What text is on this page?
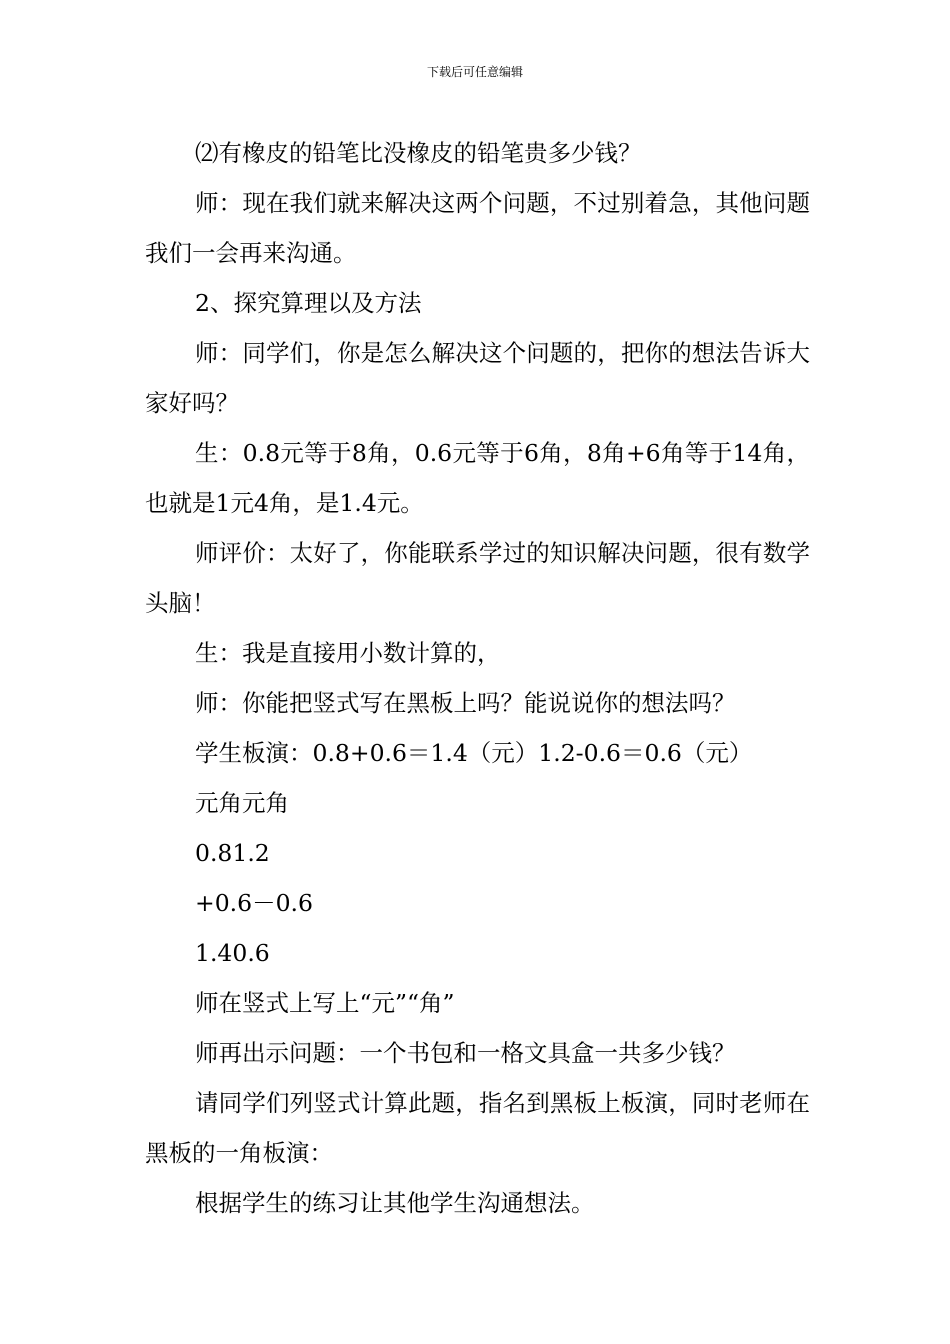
下载后可任意编辑

⑵有橡皮的铅笔比没橡皮的铅笔贵多少钱？

师：现在我们就来解决这两个问题，不过别着急，其他问题我们一会再来沟通。

2、探究算理以及方法

师：同学们，你是怎么解决这个问题的，把你的想法告诉大家好吗？

生：0.8元等于8角，0.6元等于6角，8角+6角等于14角，也就是1元4角，是1.4元。

师评价：太好了，你能联系学过的知识解决问题，很有数学头脑！

生：我是直接用小数计算的，

师：你能把竖式写在黑板上吗？能说说你的想法吗？

学生板演：0.8+0.6＝1.4（元）1.2-0.6＝0.6（元）

元角元角

0.81.2

+0.6－0.6

1.40.6

师在竖式上写上“元”“角”

师再出示问题：一个书包和一格文具盒一共多少钱？

请同学们列竖式计算此题，指名到黑板上板演，同时老师在黑板的一角板演：

根据学生的练习让其他学生沟通想法。
